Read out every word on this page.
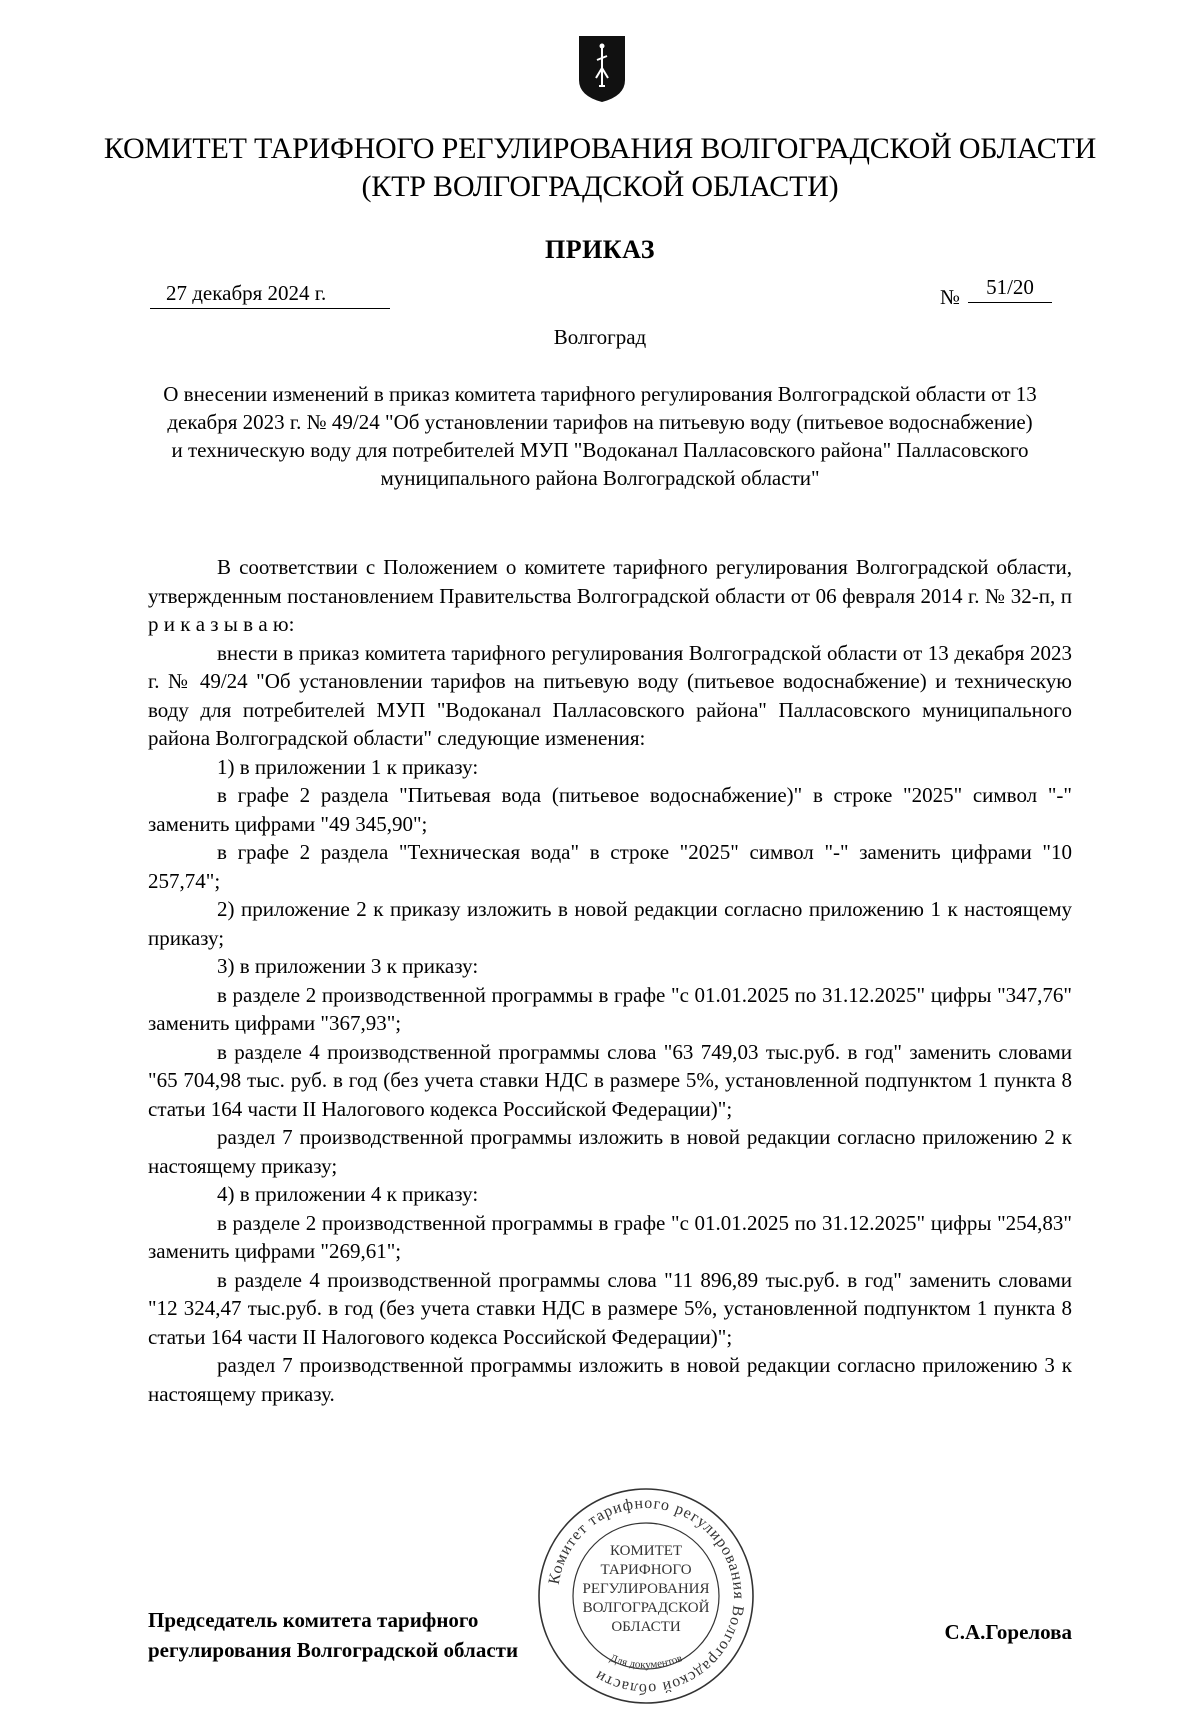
КОМИТЕТ ТАРИФНОГО РЕГУЛИРОВАНИЯ ВОЛГОГРАДСКОЙ ОБЛАСТИ
(КТР ВОЛГОГРАДСКОЙ ОБЛАСТИ)
ПРИКАЗ
27 декабря 2024 г.	№	51/20
Волгоград
О внесении изменений в приказ комитета тарифного регулирования Волгоградской области от 13 декабря 2023 г. № 49/24 "Об установлении тарифов на питьевую воду (питьевое водоснабжение) и техническую воду для потребителей МУП "Водоканал Палласовского района" Палласовского муниципального района Волгоградской области"

В соответствии с Положением о комитете тарифного регулирования Волгоградской области, утвержденным постановлением Правительства Волгоградской области от 06 февраля 2014 г. № 32-п, п р и к а з ы в а ю:

внести в приказ комитета тарифного регулирования Волгоградской области от 13 декабря 2023 г. № 49/24 "Об установлении тарифов на питьевую воду (питьевое водоснабжение) и техническую воду для потребителей МУП "Водоканал Палласовского района" Палласовского муниципального района Волгоградской области" следующие изменения:

1) в приложении 1 к приказу:

в графе 2 раздела "Питьевая вода (питьевое водоснабжение)" в строке "2025" символ "-" заменить цифрами "49 345,90";

в графе 2 раздела "Техническая вода" в строке "2025" символ "-" заменить цифрами "10 257,74";

2) приложение 2 к приказу изложить в новой редакции согласно приложению 1 к настоящему приказу;

3) в приложении 3 к приказу:

в разделе 2 производственной программы в графе "с 01.01.2025 по 31.12.2025" цифры "347,76" заменить цифрами "367,93";

в разделе 4 производственной программы слова "63 749,03 тыс.руб. в год" заменить словами "65 704,98 тыс. руб. в год (без учета ставки НДС в размере 5%, установленной подпунктом 1 пункта 8 статьи 164 части II Налогового кодекса Российской Федерации)";

раздел 7 производственной программы изложить в новой редакции согласно приложению 2 к настоящему приказу;

4) в приложении 4 к приказу:

в разделе 2 производственной программы в графе "с 01.01.2025 по 31.12.2025" цифры "254,83" заменить цифрами "269,61";

в разделе 4 производственной программы слова "11 896,89 тыс.руб. в год" заменить словами "12 324,47 тыс.руб. в год (без учета ставки НДС в размере 5%, установленной подпунктом 1 пункта 8 статьи 164 части II Налогового кодекса Российской Федерации)";

раздел 7 производственной программы изложить в новой редакции согласно приложению 3 к настоящему приказу.

Председатель комитета тарифного
регулирования Волгоградской области
С.А.Горелова
Комитет тарифного регулирования Волгоградской области
КОМИТЕТ
ТАРИФНОГО
РЕГУЛИРОВАНИЯ
ВОЛГОГРАДСКОЙ
ОБЛАСТИ
Для документов
